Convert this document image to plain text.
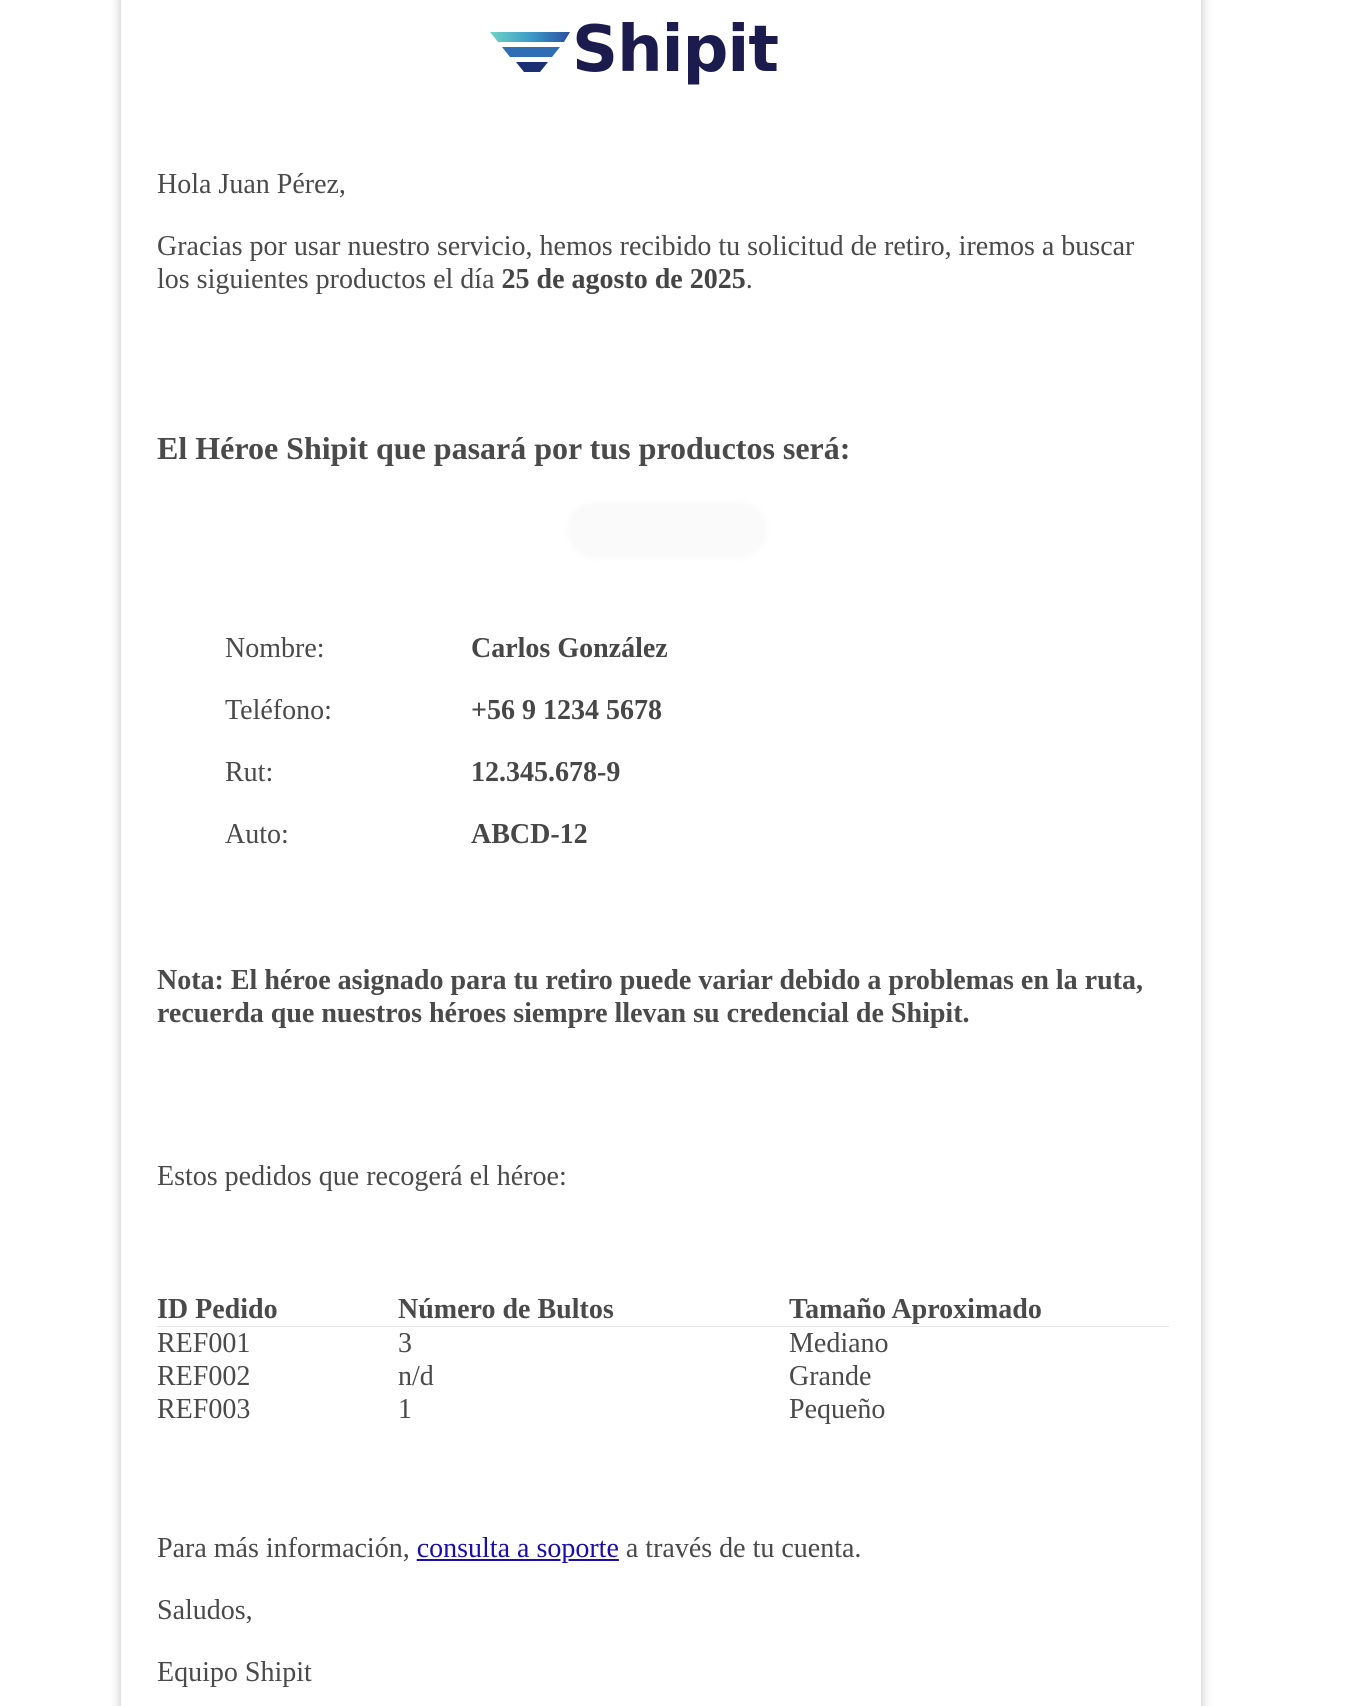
Shipit

Hola Juan Pérez,

Gracias por usar nuestro servicio, hemos recibido tu solicitud de retiro, iremos a buscar los siguientes productos el día 25 de agosto de 2025.

El Héroe Shipit que pasará por tus productos será:
Nombre:	Carlos González
Teléfono:	+56 9 1234 5678
Rut:	12.345.678-9
Auto:	ABCD-12

Nota: El héroe asignado para tu retiro puede variar debido a problemas en la ruta, recuerda que nuestros héroes siempre llevan su credencial de Shipit.

Estos pedidos que recogerá el héroe:

ID Pedido	Número de Bultos	Tamaño Aproximado
REF001	3	Mediano
REF002	n/d	Grande
REF003	1	Pequeño

Para más información, consulta a soporte a través de tu cuenta.

Saludos,

Equipo Shipit
